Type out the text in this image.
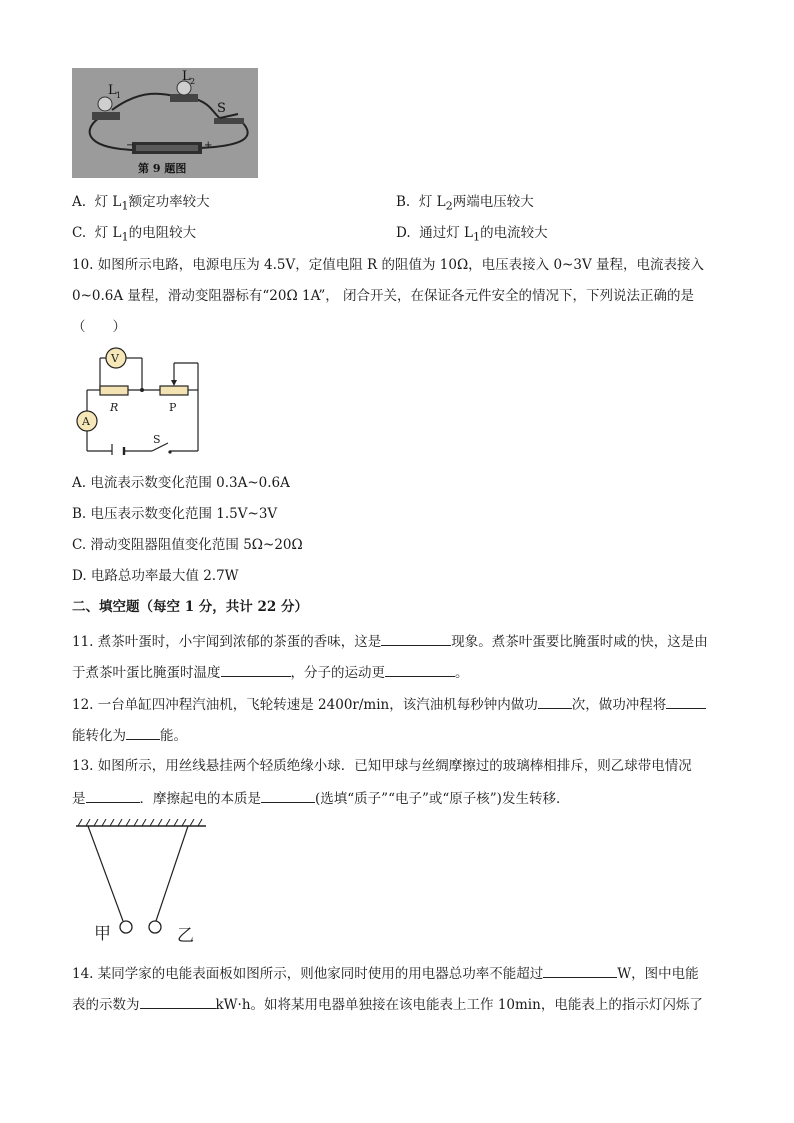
L 1
L 2
S
−	+
第 9 题图
A. 灯 $L_1$额定功率较大	B. 灯 $L_2$两端电压较大
C. 灯 $L_1$的电阻较大	D. 通过灯 $L_1$的电流较大
10. 如图所示电路，电源电压为 4.5V，定值电阻 R 的阻值为 10Ω，电压表接入 0~3V 量程，电流表接入
0~0.6A 量程，滑动变阻器标有“20Ω 1A”， 闭合开关，在保证各元件安全的情况下，下列说法正确的是
（　　）
V
A
R	P
S
A. 电流表示数变化范围 0.3A~0.6A
B. 电压表示数变化范围 1.5V~3V
C. 滑动变阻器阻值变化范围 5Ω~20Ω
D. 电路总功率最大值 2.7W
二、填空题（每空 1 分，共计 22 分）
11. 煮茶叶蛋时，小宇闻到浓郁的茶蛋的香味，这是	现象。煮茶叶蛋要比腌蛋时咸的快，这是由
于煮茶叶蛋比腌蛋时温度	，分子的运动更	。
12. 一台单缸四冲程汽油机，飞轮转速是 2400r/min，该汽油机每秒钟内做功	次，做功冲程将
能转化为	能。
13. 如图所示，用丝线悬挂两个轻质绝缘小球．已知甲球与丝绸摩擦过的玻璃棒相排斥，则乙球带电情况
是	．摩擦起电的本质是	(选填“质子”“电子”或“原子核”)发生转移．
甲	乙
14. 某同学家的电能表面板如图所示，则他家同时使用的用电器总功率不能超过	W，图中电能
表的示数为	kW·h。如将某用电器单独接在该电能表上工作 10min，电能表上的指示灯闪烁了
